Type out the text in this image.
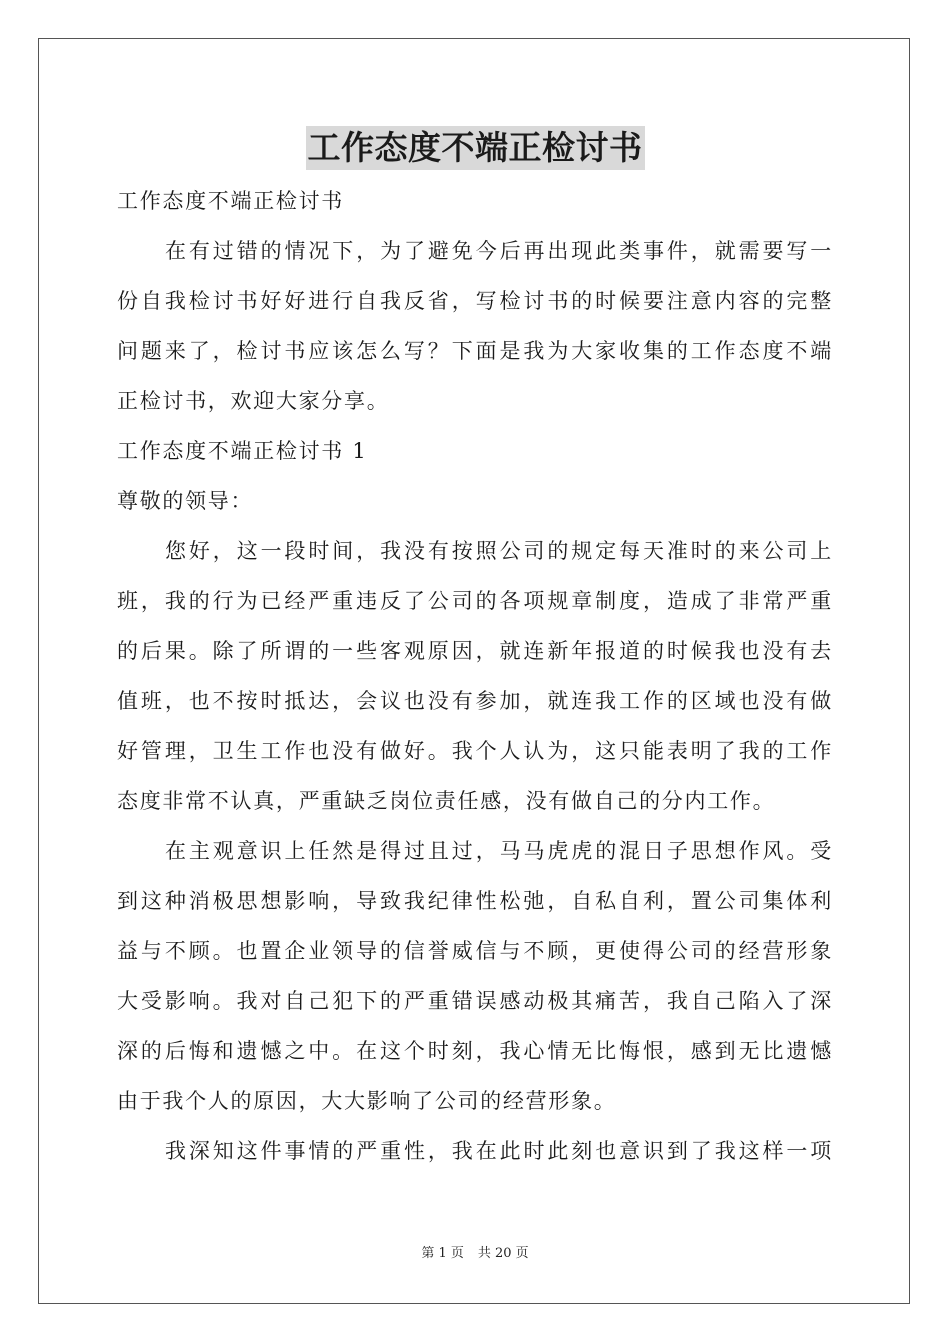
工作态度不端正检讨书
工作态度不端正检讨书
在有过错的情况下，为了避免今后再出现此类事件，就需要写一
份自我检讨书好好进行自我反省，写检讨书的时候要注意内容的完整
问题来了，检讨书应该怎么写？下面是我为大家收集的工作态度不端
正检讨书，欢迎大家分享。
工作态度不端正检讨书 1
尊敬的领导：
您好，这一段时间，我没有按照公司的规定每天准时的来公司上
班，我的行为已经严重违反了公司的各项规章制度，造成了非常严重
的后果。除了所谓的一些客观原因，就连新年报道的时候我也没有去
值班，也不按时抵达，会议也没有参加，就连我工作的区域也没有做
好管理，卫生工作也没有做好。我个人认为，这只能表明了我的工作
态度非常不认真，严重缺乏岗位责任感，没有做自己的分内工作。
在主观意识上任然是得过且过，马马虎虎的混日子思想作风。受
到这种消极思想影响，导致我纪律性松弛，自私自利，置公司集体利
益与不顾。也置企业领导的信誉威信与不顾，更使得公司的经营形象
大受影响。我对自己犯下的严重错误感动极其痛苦，我自己陷入了深
深的后悔和遗憾之中。在这个时刻，我心情无比悔恨，感到无比遗憾
由于我个人的原因，大大影响了公司的经营形象。
我深知这件事情的严重性，我在此时此刻也意识到了我这样一项
第 1 页 共 20 页
